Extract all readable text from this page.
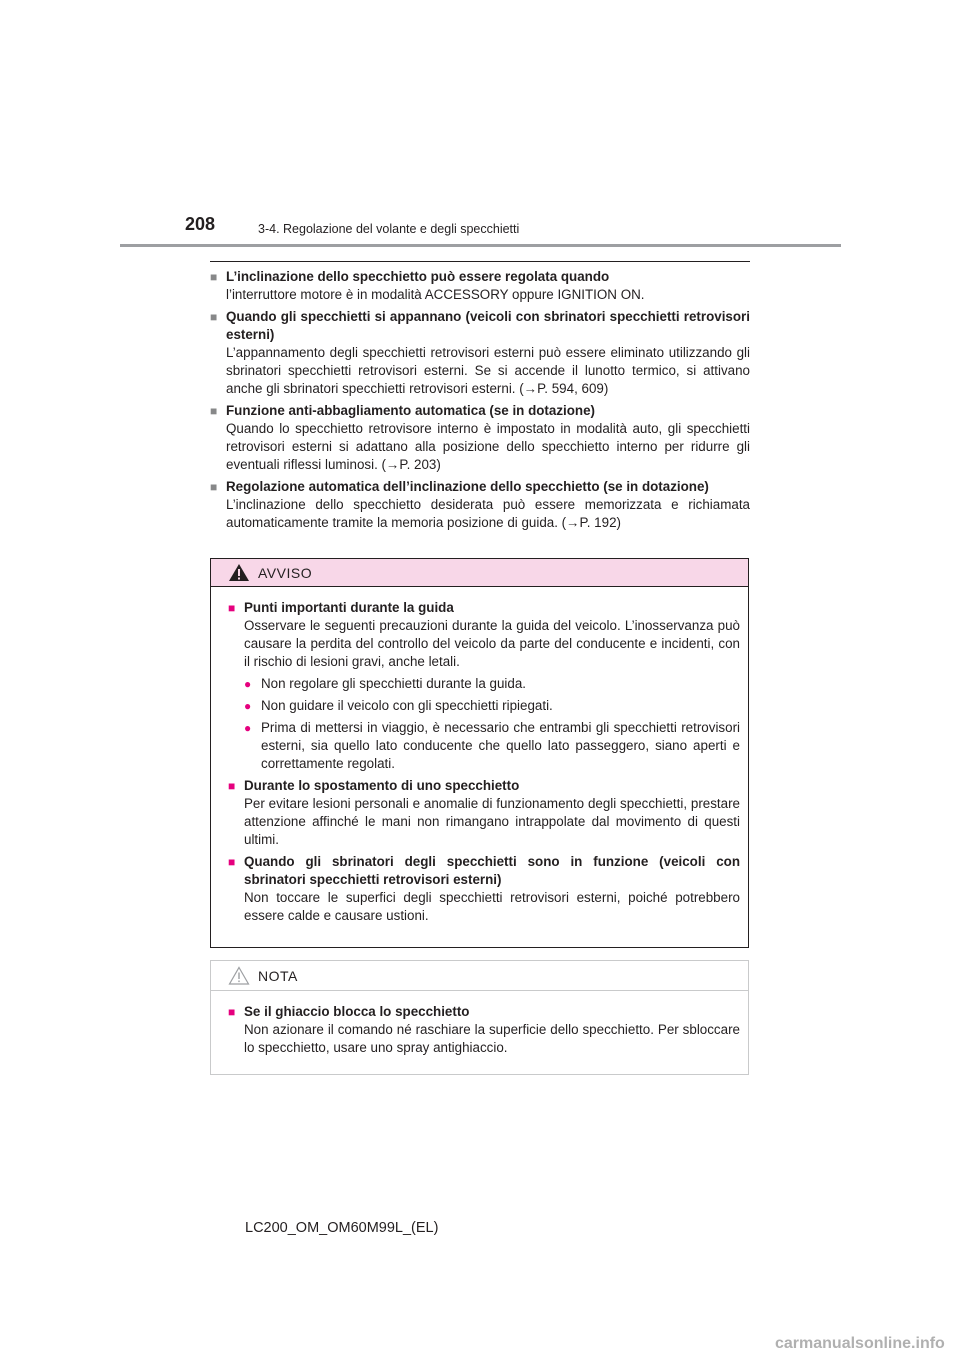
208	3-4. Regolazione del volante e degli specchietti
■ L’inclinazione dello specchietto può essere regolata quando
l’interruttore motore è in modalità ACCESSORY oppure IGNITION ON.
■ Quando gli specchietti si appannano (veicoli con sbrinatori specchietti retrovisori esterni)
L’appannamento degli specchietti retrovisori esterni può essere eliminato utilizzando gli sbrinatori specchietti retrovisori esterni. Se si accende il lunotto termico, si attivano anche gli sbrinatori specchietti retrovisori esterni. (→P. 594, 609)
■ Funzione anti-abbagliamento automatica (se in dotazione)
Quando lo specchietto retrovisore interno è impostato in modalità auto, gli specchietti retrovisori esterni si adattano alla posizione dello specchietto interno per ridurre gli eventuali riflessi luminosi. (→P. 203)
■ Regolazione automatica dell’inclinazione dello specchietto (se in dotazione)
L’inclinazione dello specchietto desiderata può essere memorizzata e richiamata automaticamente tramite la memoria posizione di guida. (→P. 192)
AVVISO
■ Punti importanti durante la guida
Osservare le seguenti precauzioni durante la guida del veicolo. L’inosservanza può causare la perdita del controllo del veicolo da parte del conducente e incidenti, con il rischio di lesioni gravi, anche letali.
● Non regolare gli specchietti durante la guida.
● Non guidare il veicolo con gli specchietti ripiegati.
● Prima di mettersi in viaggio, è necessario che entrambi gli specchietti retrovisori esterni, sia quello lato conducente che quello lato passeggero, siano aperti e correttamente regolati.
■ Durante lo spostamento di uno specchietto
Per evitare lesioni personali e anomalie di funzionamento degli specchietti, prestare attenzione affinché le mani non rimangano intrappolate dal movimento di questi ultimi.
■ Quando gli sbrinatori degli specchietti sono in funzione (veicoli con sbrinatori specchietti retrovisori esterni)
Non toccare le superfici degli specchietti retrovisori esterni, poiché potrebbero essere calde e causare ustioni.
NOTA
■ Se il ghiaccio blocca lo specchietto
Non azionare il comando né raschiare la superficie dello specchietto. Per sbloccare lo specchietto, usare uno spray antighiaccio.
LC200_OM_OM60M99L_(EL)
carmanualsonline.info
